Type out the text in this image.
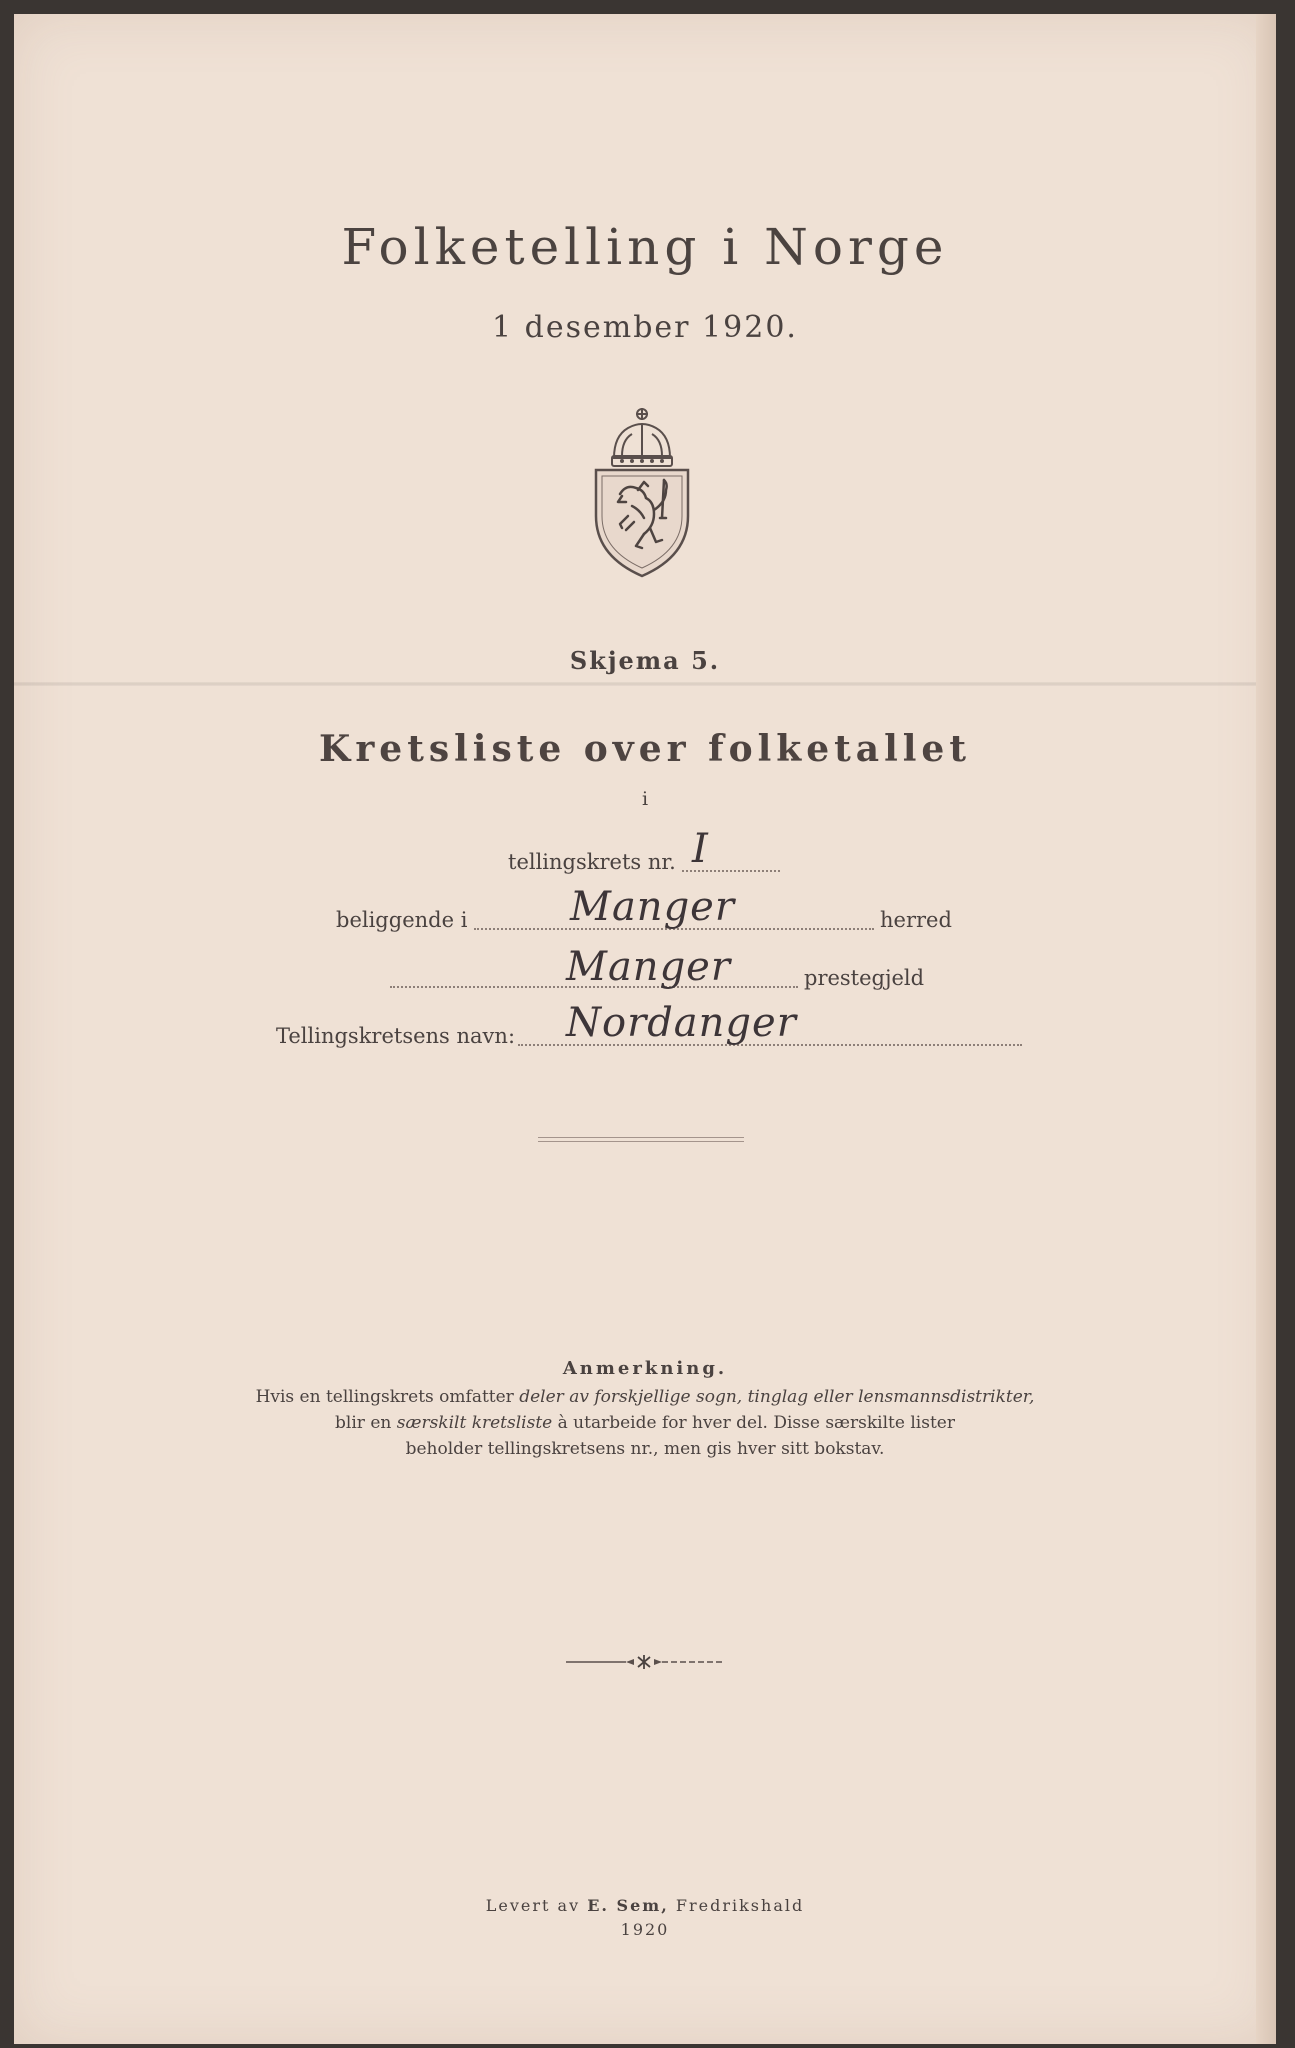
Folketelling i Norge
1 desember 1920.
Skjema 5.
Kretsliste over folketallet
i
tellingskrets nr. I
beliggende i	Manger	herred
Manger	prestegjeld
Tellingskretsens navn: Nordanger
Anmerkning.
Hvis en tellingskrets omfatter deler av forskjellige sogn, tinglag eller lensmannsdistrikter,
blir en særskilt kretsliste à utarbeide for hver del. Disse særskilte lister
beholder tellingskretsens nr., men gis hver sitt bokstav.
Levert av E. Sem, Fredrikshald
1920
